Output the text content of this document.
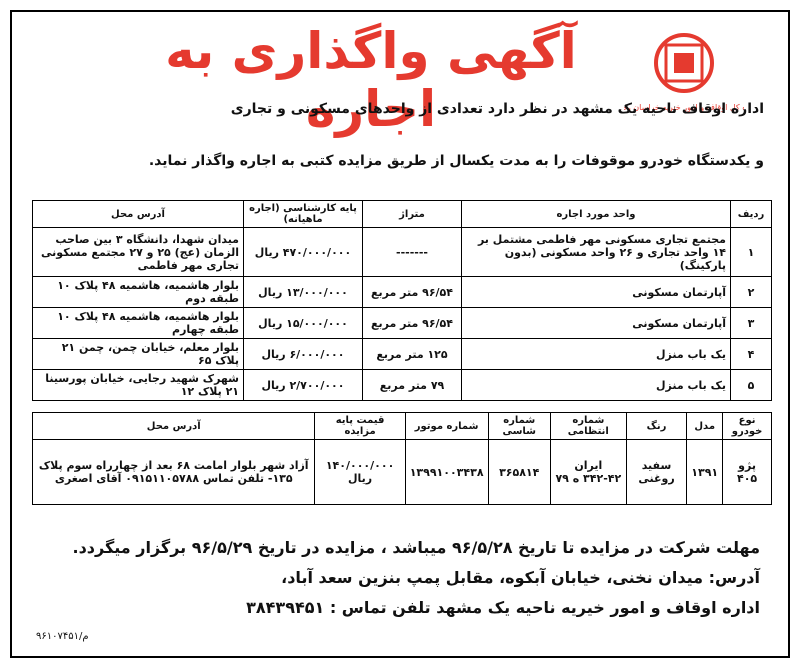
آگهی واگذاری به اجاره	کل اوقاف و امور خیریه خراسان ر
اداره اوقاف ناحیه یک مشهد در نظر دارد تعدادی از واحدهای مسکونی و تجاری
و یکدستگاه خودرو موقوفات را به مدت یکسال از طریق مزایده کتبی به اجاره واگذار نماید.
ردیف	واحد مورد اجاره	متراژ	پایه کارشناسی (اجاره ماهیانه)	آدرس محل
۱	مجتمع تجاری مسکونی مهر فاطمی مشتمل بر ۱۴ واحد تجاری و ۲۶ واحد مسکونی (بدون پارکینگ)	-------	۴۷۰/۰۰۰/۰۰۰ ریال	میدان شهدا، دانشگاه ۳ بین صاحب الزمان (عج) ۲۵ و ۲۷ مجتمع مسکونی تجاری مهر فاطمی
۲	آپارتمان مسکونی	۹۶/۵۴ متر مربع	۱۳/۰۰۰/۰۰۰ ریال	بلوار هاشمیه، هاشمیه ۴۸ پلاک ۱۰ طبقه دوم
۳	آپارتمان مسکونی	۹۶/۵۴ متر مربع	۱۵/۰۰۰/۰۰۰ ریال	بلوار هاشمیه، هاشمیه ۴۸ پلاک ۱۰ طبقه چهارم
۴	یک باب منزل	۱۲۵ متر مربع	۶/۰۰۰/۰۰۰ ریال	بلوار معلم، خیابان چمن، چمن ۲۱ پلاک ۶۵
۵	یک باب منزل	۷۹ متر مربع	۲/۷۰۰/۰۰۰ ریال	شهرک شهید رجایی، خیابان پورسینا ۲۱ پلاک ۱۲
نوع خودرو	مدل	رنگ	شماره انتظامی	شماره شاسی	شماره موتور	قیمت پایه مزایده	آدرس محل
پژو ۴۰۵	۱۳۹۱	سفید روغنی	ایران ۴۲-۳۴۲ ه ۷۹	۳۶۵۸۱۴	۱۳۹۹۱۰۰۳۴۳۸	۱۴۰/۰۰۰/۰۰۰ ریال	آزاد شهر بلوار امامت ۶۸ بعد از چهارراه سوم پلاک ۱۳۵- تلفن تماس ۰۹۱۵۱۱۰۵۷۸۸ آقای اصغری
مهلت شرکت در مزایده تا تاریخ ۹۶/۵/۲۸ میباشد ، مزایده در تاریخ ۹۶/۵/۲۹ برگزار میگردد.
آدرس: میدان نخنی، خیابان آبکوه، مقابل پمپ بنزین سعد آباد،
اداره اوقاف و امور خیریه ناحیه یک مشهد تلفن تماس : ۳۸۴۳۹۴۵۱
م/۹۶۱۰۷۴۵۱
